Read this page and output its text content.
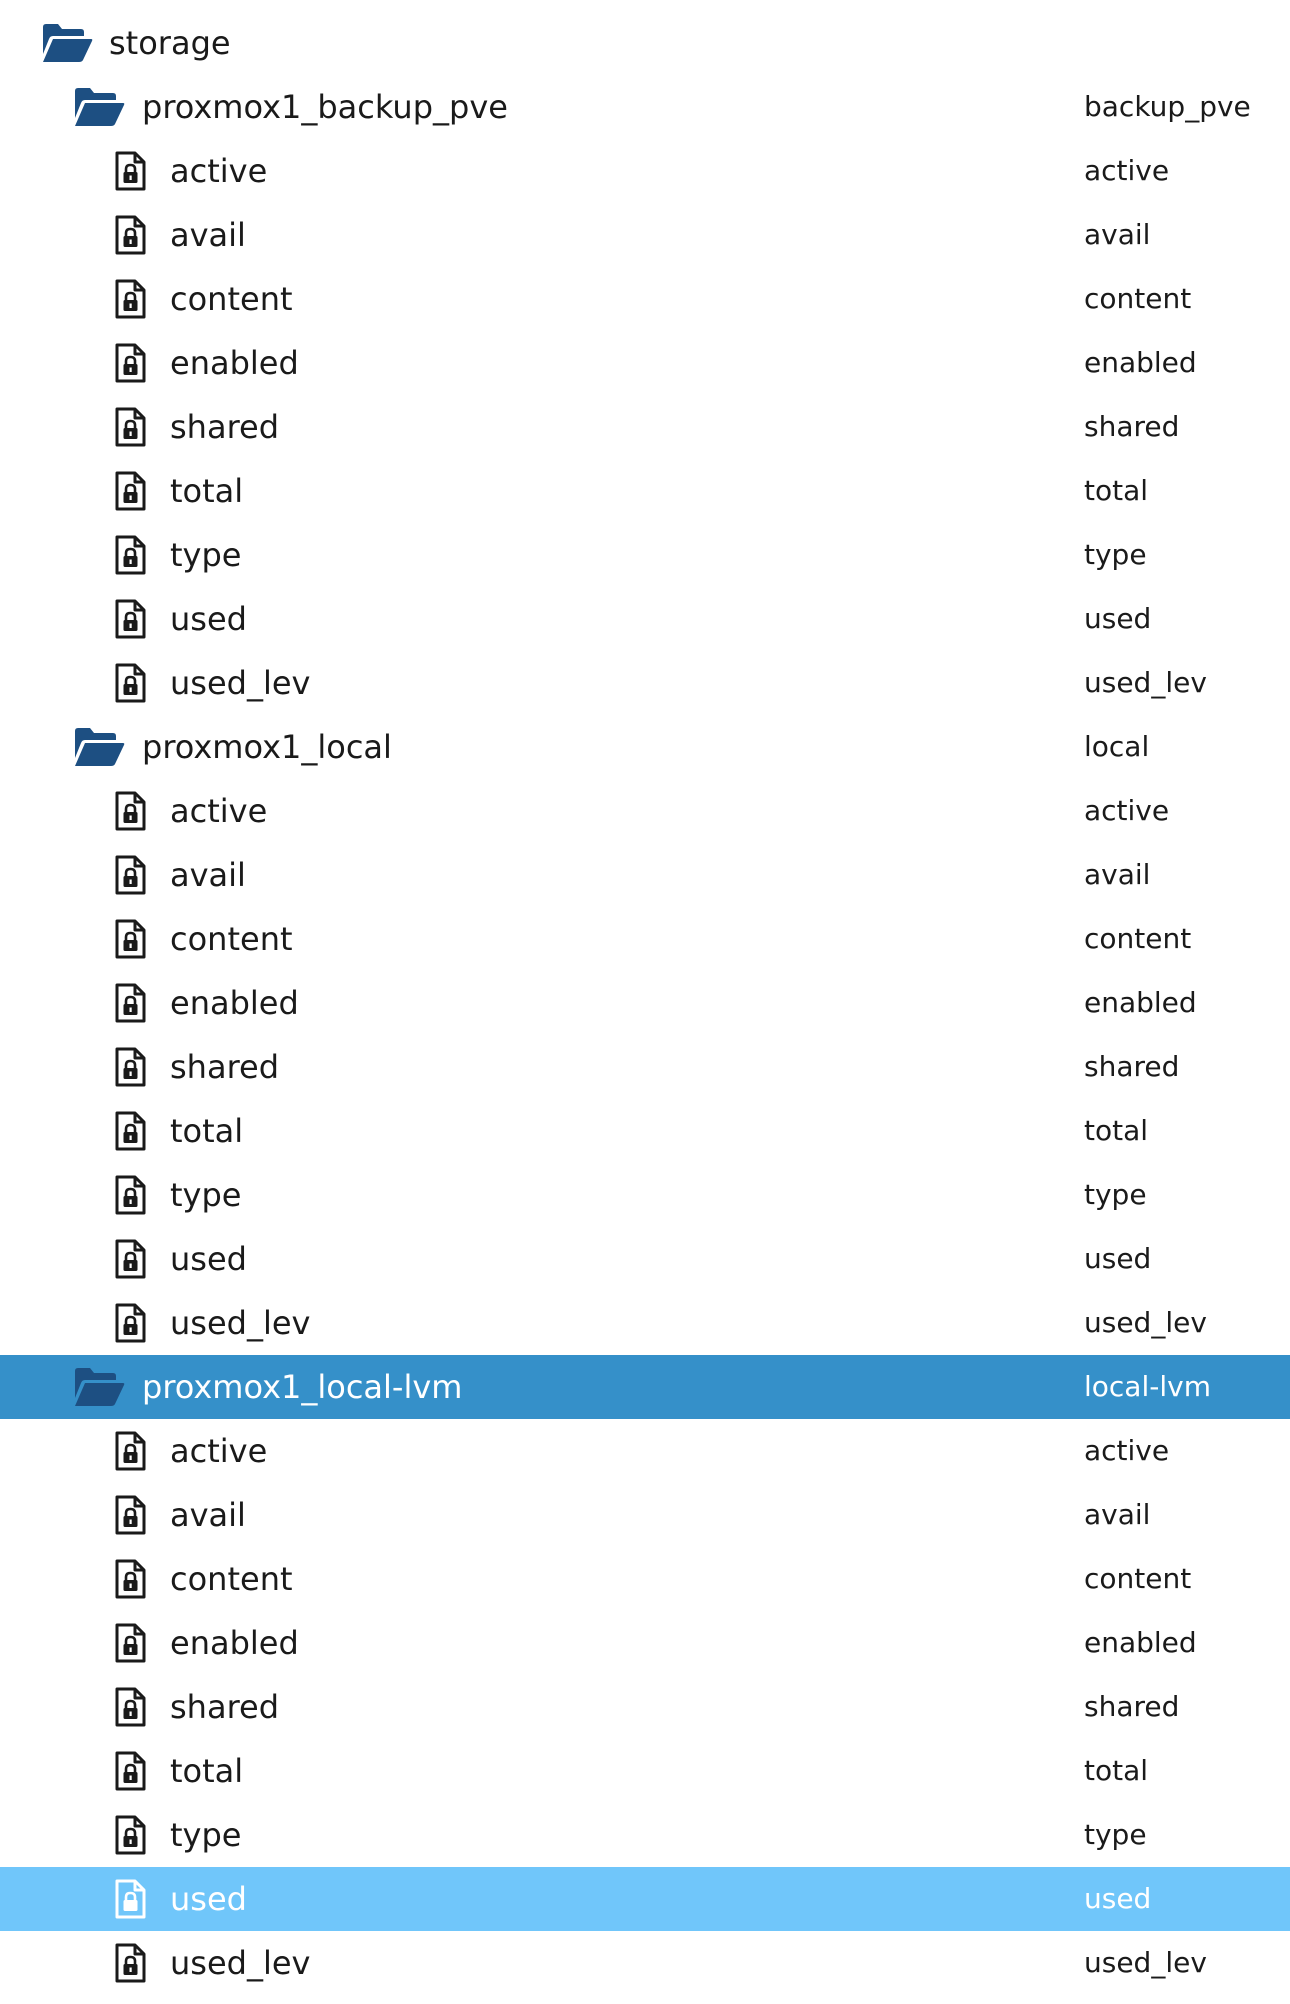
storage
proxmox1_backup_pve	backup_pve
active	active
avail	avail
content	content
enabled	enabled
shared	shared
total	total
type	type
used	used
used_lev	used_lev
proxmox1_local	local
active	active
avail	avail
content	content
enabled	enabled
shared	shared
total	total
type	type
used	used
used_lev	used_lev
proxmox1_local-lvm	local-lvm
active	active
avail	avail
content	content
enabled	enabled
shared	shared
total	total
type	type
used	used
used_lev	used_lev
